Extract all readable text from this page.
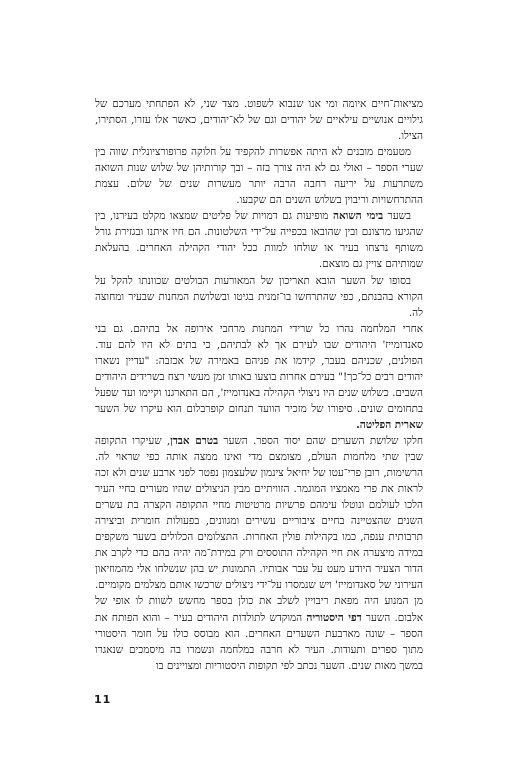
מציאות־חיים איומה ומי אנו שנבוא לשפוט. מצד שני, לא הפתחתי מערכם של גילויים אנושיים עילאיים של יהודים וגם של לא־יהודים, כאשר אלו עזרו, הסתירו, הצילו.

מטעמים מובנים לא היתה אפשרות להקפיד על חלוקה פרופורציונלית שווה בין שערי הספר – ואולי גם לא היה צורך בזה – ובך קורותיהן של שלוש שנות השואה משתרעות על יריעה רחבה הרבה יותר מעשרות שנים של שלום. עצמת ההתרחשויות וריבוין בשלוש השנים הם שקבעו.

בשער בימי השואה מופיעות גם דמויות של פליטים שמצאו מקלט בעירנו, בין שהגיעו מרצונם ובין שהובאו בכפייה על־ידי השלטונות. הם חיו איתנו ובגזירת גורל משותף נרצחו בעיר או שולחו למוות ככל יהודי הקהילה האחרים. בהעלאת שמותיהם צויין גם מוצאם.

בסופו של השער הובא תאריכון של המאורעות הבולטים שכוונתו להקל על הקורא בהבנתם, כפי שהתרחשו בו־זמנית בגיטו ובשלושת המחנות שבעיר ומחוצה לה.

אחרי המלחמה נהרו כל שרידי המחנות מרחבי אירופה אל בתיהם. גם בני סאנדומייז' היהודים שבו לעירם אך לא לבתיהם, כי בתים לא היו להם עוד. הפולנים, שכניהם בעבר, קידמו את פניהם באמירה של אכזבה: "עדיין נשארו יהודים רבים כל־כך!" בעירם אחרות בוצעו באותו זמן מעשי רצח בשרידים היהודים השבים. כשלוש שנים היו ניצולי הקהילה באנדומייז', הם התארגנו וקיימו ועד שפעל בתחומים שונים. סיפורו של מזכיר הוועד תנחום קופרבלום הוא עיקרו של השער שארית הפליטה.

חלקו שלושת השערים שהם יסוד הספר. השער בטרם אבדן, שעיקרו התקופה שבין שתי מלחמות העולם, מצומצם מדי ואינו ממצה אותה כפי שראוי לה. הרשימות, רובן פרי־עטו של יחיאל צינמון שלעצמון נפטר לפני ארבע שנים ולא זכה לראות את פרי מאמציו המוגמר. הזוויתיים מבין הניצולים שהיו מעורים בחיי העיר הלכו לעולמם ונוטלו עימהם פרשיות מרטיטות מחיי התקופה הקצרה בת עשרים השנים שהצטיינה בחיים ציבוריים עשירים ומגוונים, בפעולות חומרית וביצירה תרבותית ענפה, כמו בקהילות פולין האחרות. התצלומים הכלולים בשער משקפים במידה מיצערה את חיי הקהילה התוססים ורק במידת־מה יהיה בהם כדי לקרב את הדור הצעיר היודע מעט על עבר אבותיו. התמונות יש בהן שנשלחו אלי מהמוזיאון העירוני של סאנדומייז' ויש שנמסרו על־ידי ניצולים שרכשו אותם מצלמים מקומיים. מן המנוע היה מפאת ריבויין לשלב את כולן בספר מחשש לשוות לו אופי של אלבום. השער דפי היסטוריה המוקדש לתולדות היהודים בעיר – והוא הפותח את הספר – שונה מארבעת השערים האחרים. הוא מבוסס כולו על חומר היסטורי מתוך ספרים ותעודות. העיר לא חרבה במלחמה ונשמרו בה מיסמכים שנאגרו במשך מאות שנים. השער נכתב לפי תקופות היסטוריות ומצויינים בו

11
